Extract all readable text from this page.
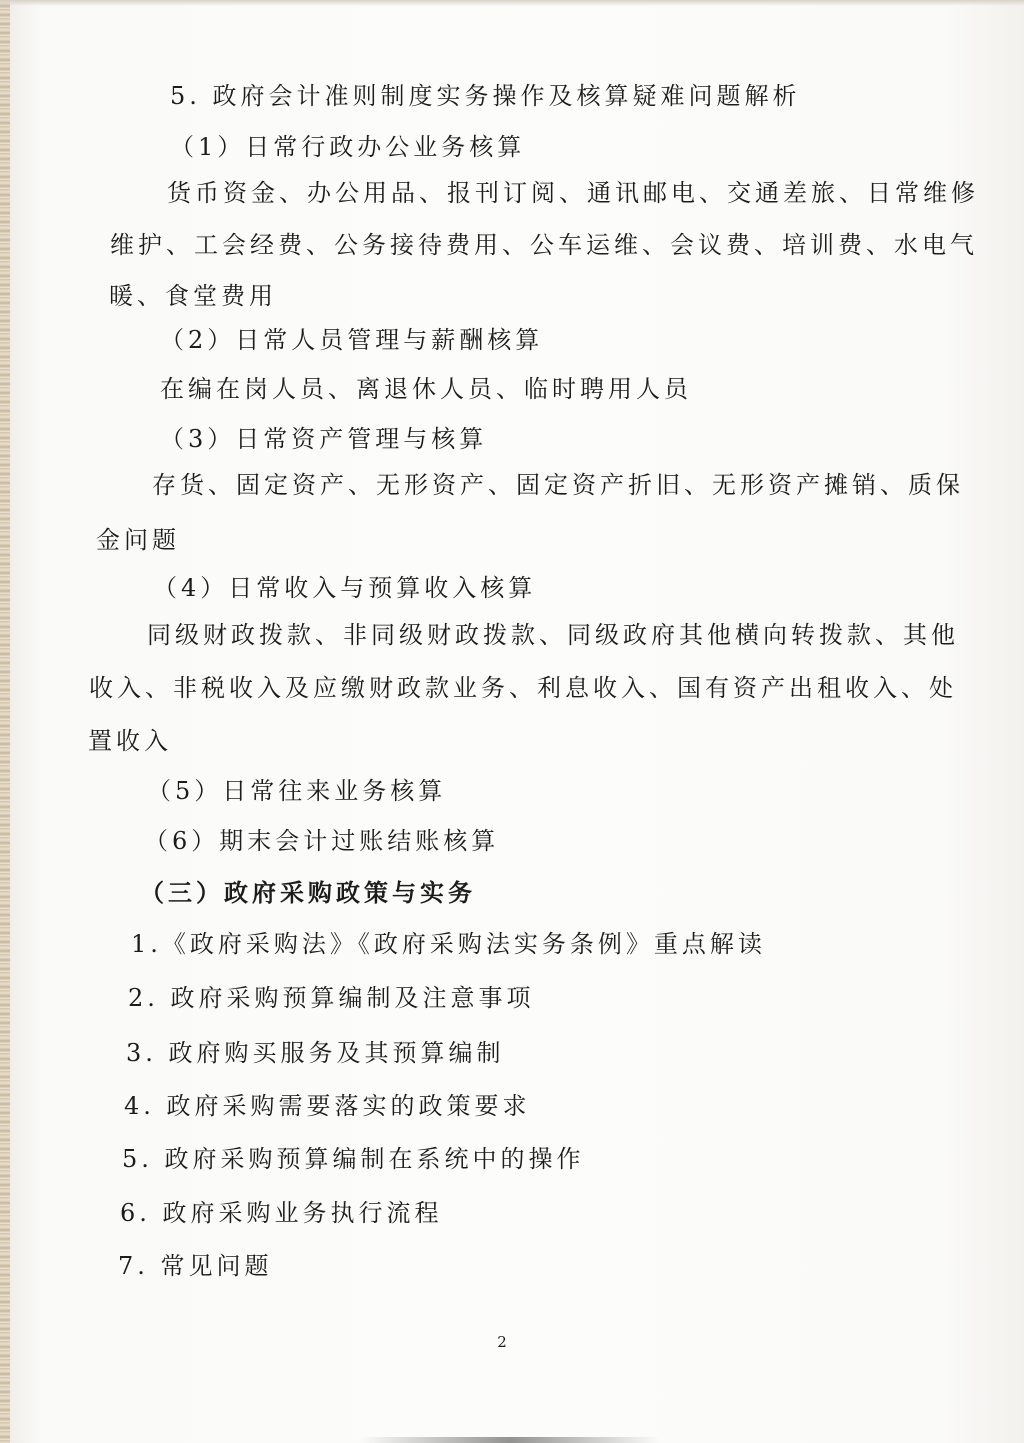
5. 政府会计准则制度实务操作及核算疑难问题解析
（1）日常行政办公业务核算
货币资金、办公用品、报刊订阅、通讯邮电、交通差旅、日常维修
维护、工会经费、公务接待费用、公车运维、会议费、培训费、水电气
暖、食堂费用
（2）日常人员管理与薪酬核算
在编在岗人员、离退休人员、临时聘用人员
（3）日常资产管理与核算
存货、固定资产、无形资产、固定资产折旧、无形资产摊销、质保
金问题
（4）日常收入与预算收入核算
同级财政拨款、非同级财政拨款、同级政府其他横向转拨款、其他
收入、非税收入及应缴财政款业务、利息收入、国有资产出租收入、处
置收入
（5）日常往来业务核算
（6）期末会计过账结账核算
（三）政府采购政策与实务
1.《政府采购法》《政府采购法实务条例》重点解读
2. 政府采购预算编制及注意事项
3. 政府购买服务及其预算编制
4. 政府采购需要落实的政策要求
5. 政府采购预算编制在系统中的操作
6. 政府采购业务执行流程
7. 常见问题
2
